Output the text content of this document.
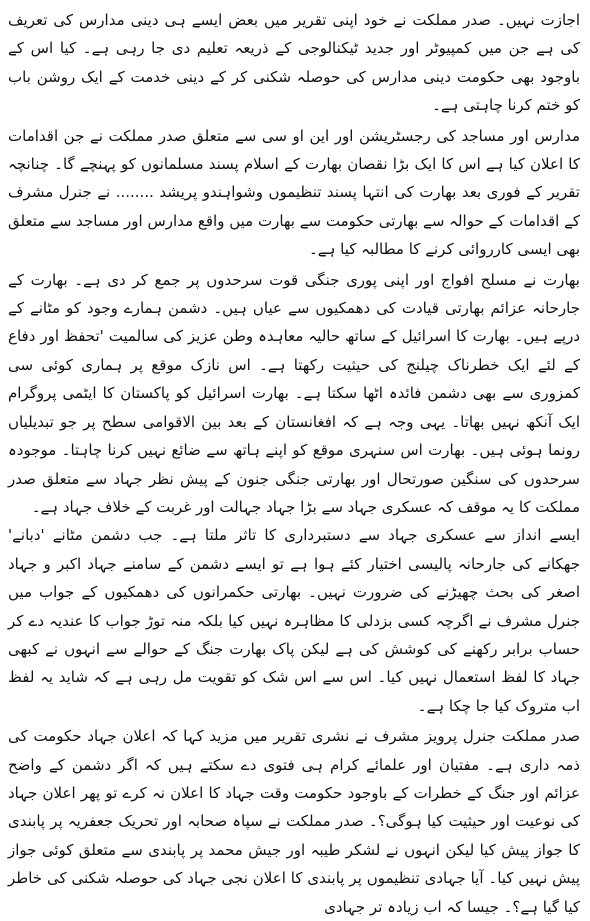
اجازت نہیں۔ صدر مملکت نے خود اپنی تقریر میں بعض ایسے ہی دینی مدارس کی تعریف کی ہے جن میں کمپیوٹر اور جدید ٹیکنالوجی کے ذریعہ تعلیم دی جا رہی ہے۔ کیا اس کے باوجود بھی حکومت دینی مدارس کی حوصلہ شکنی کر کے دینی خدمت کے ایک روشن باب کو ختم کرنا چاہتی ہے۔

مدارس اور مساجد کی رجسٹریشن اور این او سی سے متعلق صدر مملکت نے جن اقدامات کا اعلان کیا ہے اس کا ایک بڑا نقصان بھارت کے اسلام پسند مسلمانوں کو پہنچے گا۔ چنانچہ تقریر کے فوری بعد بھارت کی انتہا پسند تنظیموں وشواہندو پریشد ........ نے جنرل مشرف کے اقدامات کے حوالہ سے بھارتی حکومت سے بھارت میں واقع مدارس اور مساجد سے متعلق بھی ایسی کارروائی کرنے کا مطالبہ کیا ہے۔

بھارت نے مسلح افواج اور اپنی پوری جنگی قوت سرحدوں پر جمع کر دی ہے۔ بھارت کے جارحانہ عزائم بھارتی قیادت کی دھمکیوں سے عیاں ہیں۔ دشمن ہمارے وجود کو مٹانے کے درپے ہیں۔ بھارت کا اسرائیل کے ساتھ حالیہ معاہدہ وطن عزیز کی سالمیت 'تحفظ اور دفاع کے لئے ایک خطرناک چیلنج کی حیثیت رکھتا ہے۔ اس نازک موقع پر ہماری کوئی سی کمزوری سے بھی دشمن فائدہ اٹھا سکتا ہے۔ بھارت اسرائیل کو پاکستان کا ایٹمی پروگرام ایک آنکھ نہیں بھاتا۔ یہی وجہ ہے کہ افغانستان کے بعد بین الاقوامی سطح پر جو تبدیلیاں رونما ہوئی ہیں۔ بھارت اس سنہری موقع کو اپنے ہاتھ سے ضائع نہیں کرنا چاہتا۔ موجودہ سرحدوں کی سنگین صورتحال اور بھارتی جنگی جنون کے پیش نظر جہاد سے متعلق صدر مملکت کا یہ موقف کہ عسکری جہاد سے بڑا جہاد جہالت اور غربت کے خلاف جہاد ہے۔

ایسے انداز سے عسکری جہاد سے دستبرداری کا تاثر ملتا ہے۔ جب دشمن مٹانے 'دبانے' جھکانے کی جارحانہ پالیسی اختیار کئے ہوا ہے تو ایسے دشمن کے سامنے جہاد اکبر و جہاد اصغر کی بحث چھیڑنے کی ضرورت نہیں۔ بھارتی حکمرانوں کی دھمکیوں کے جواب میں جنرل مشرف نے اگرچہ کسی بزدلی کا مظاہرہ نہیں کیا بلکہ منہ توڑ جواب کا عندیہ دے کر حساب برابر رکھنے کی کوشش کی ہے لیکن پاک بھارت جنگ کے حوالے سے انہوں نے کبھی جہاد کا لفظ استعمال نہیں کیا۔ اس سے اس شک کو تقویت مل رہی ہے کہ شاید یہ لفظ اب متروک کیا جا چکا ہے۔

صدر مملکت جنرل پرویز مشرف نے نشری تقریر میں مزید کہا کہ اعلان جہاد حکومت کی ذمہ داری ہے۔ مفتیان اور علمائے کرام ہی فتوی دے سکتے ہیں کہ اگر دشمن کے واضح عزائم اور جنگ کے خطرات کے باوجود حکومت وقت جہاد کا اعلان نہ کرے تو پھر اعلان جہاد کی نوعیت اور حیثیت کیا ہوگی؟۔ صدر مملکت نے سپاہ صحابہ اور تحریک جعفریہ پر پابندی کا جواز پیش کیا لیکن انہوں نے لشکر طیبہ اور جیش محمد پر پابندی سے متعلق کوئی جواز پیش نہیں کیا۔ آیا جہادی تنظیموں پر پابندی کا اعلان نجی جہاد کی حوصلہ شکنی کی خاطر کیا گیا ہے؟۔ جیسا کہ اب زیادہ تر جہادی
